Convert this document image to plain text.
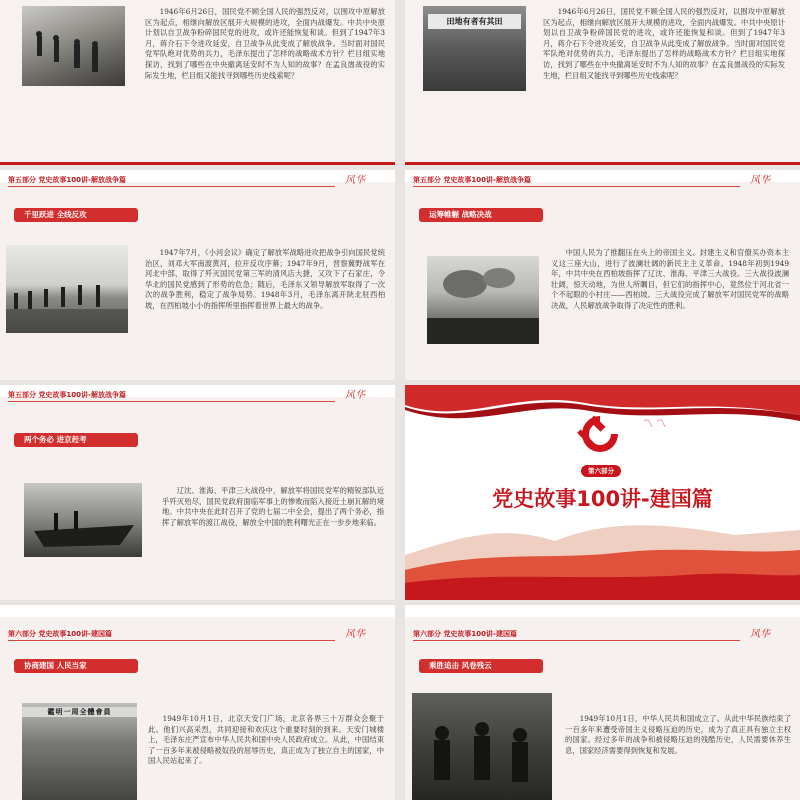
1946年6月26日，国民党不顾全国人民的强烈反对，以围攻中原解放区为起点，相继向解放区展开大规模的进攻，全面内战爆发。中共中央原计划以自卫战争粉碎国民党的进攻，或许还能恢复和谈。但到了1947年3月，蒋介石下令进攻延安，自卫战争从此变成了解放战争。当时面对国民党军队绝对优势的兵力，毛泽东提出了怎样的战略战术方针？栏目组实地探访，找到了哪些在中央撤离延安时不为人知的故事？在孟良崮战役的实际发生地，栏目组又能找寻到哪些历史线索呢？
田地有者有其田
1946年6月26日，国民党不顾全国人民的强烈反对，以围攻中原解放区为起点，相继向解放区展开大规模的进攻，全面内战爆发。中共中央原计划以自卫战争粉碎国民党的进攻，或许还能恢复和谈。但到了1947年3月，蒋介石下令进攻延安，自卫战争从此变成了解放战争。当时面对国民党军队绝对优势的兵力，毛泽东提出了怎样的战略战术方针？栏目组实地探访，找到了哪些在中央撤离延安时不为人知的故事？在孟良崮战役的实际发生地，栏目组又能找寻到哪些历史线索呢？
第五部分 党史故事100讲-解放战争篇	风华
千里跃进 全线反攻
1947年7月，《小河会议》确定了解放军战略进攻把战争引向国民党统治区，刘邓大军南渡黄河，拉开反攻序幕；1947年9月，晋察冀野战军在河北中部，取得了歼灭国民党第三军的清风店大捷，又攻下了石家庄，令华北的国民党感到了形势的危急；随后，毛泽东又领导解放军取得了一次次的战争胜利，稳定了战争局势。1948年3月，毛泽东离开陕北驻西柏坡，在西柏坡小小的指挥所里指挥着世界上最大的战争。
第五部分 党史故事100讲-解放战争篇	风华
运筹帷幄 战略决战
中国人民为了推翻压在头上的帝国主义、封建主义和官僚买办资本主义这三座大山，进行了波澜壮阔的新民主主义革命。1948年初到1949年，中共中央在西柏坡指挥了辽沈、淮海、平津三大战役。三大战役波澜壮阔，惊天动地，为世人所瞩目，但它们的指挥中心，竟然位于河北省一个不起眼的小村庄——西柏坡。三大战役完成了解放军对国民党军的战略决战，人民解放战争取得了决定性的胜利。
第五部分 党史故事100讲-解放战争篇	风华
两个务必 进京赶考
辽沈、淮海、平津三大战役中，解放军将国民党军的精锐部队近乎歼灭殆尽，国民党政府面临军事上的惨败而陷入接近土崩瓦解的境地。中共中央在此时召开了党的七届二中全会，提出了两个务必，指挥了解放军的渡江战役，解放全中国的胜利曙光正在一步步地来临。
〽 〽
第六部分
党史故事100讲-建国篇
第六部分 党史故事100讲-建国篇	风华
协商建国 人民当家
鑑明一周全體會員
1949年10月1日，北京天安门广场，北京各界三十万群众会聚于此。他们兴高采烈，共同迎接和欢庆这个重要时刻的到来。天安门城楼上，毛泽东庄严宣布中华人民共和国中央人民政府成立。从此，中国结束了一百多年来被侵略被奴役的屈辱历史，真正成为了独立自主的国家，中国人民站起来了。
第六部分 党史故事100讲-建国篇	风华
乘胜追击 风卷残云
1949年10月1日，中华人民共和国成立了。从此中华民族结束了一百多年来遭受帝国主义侵略压迫的历史，成为了真正具有独立主权的国家。经过多年的战争和被侵略压迫的残酷历史，人民需要休养生息，国家经济需要得到恢复和发展。
